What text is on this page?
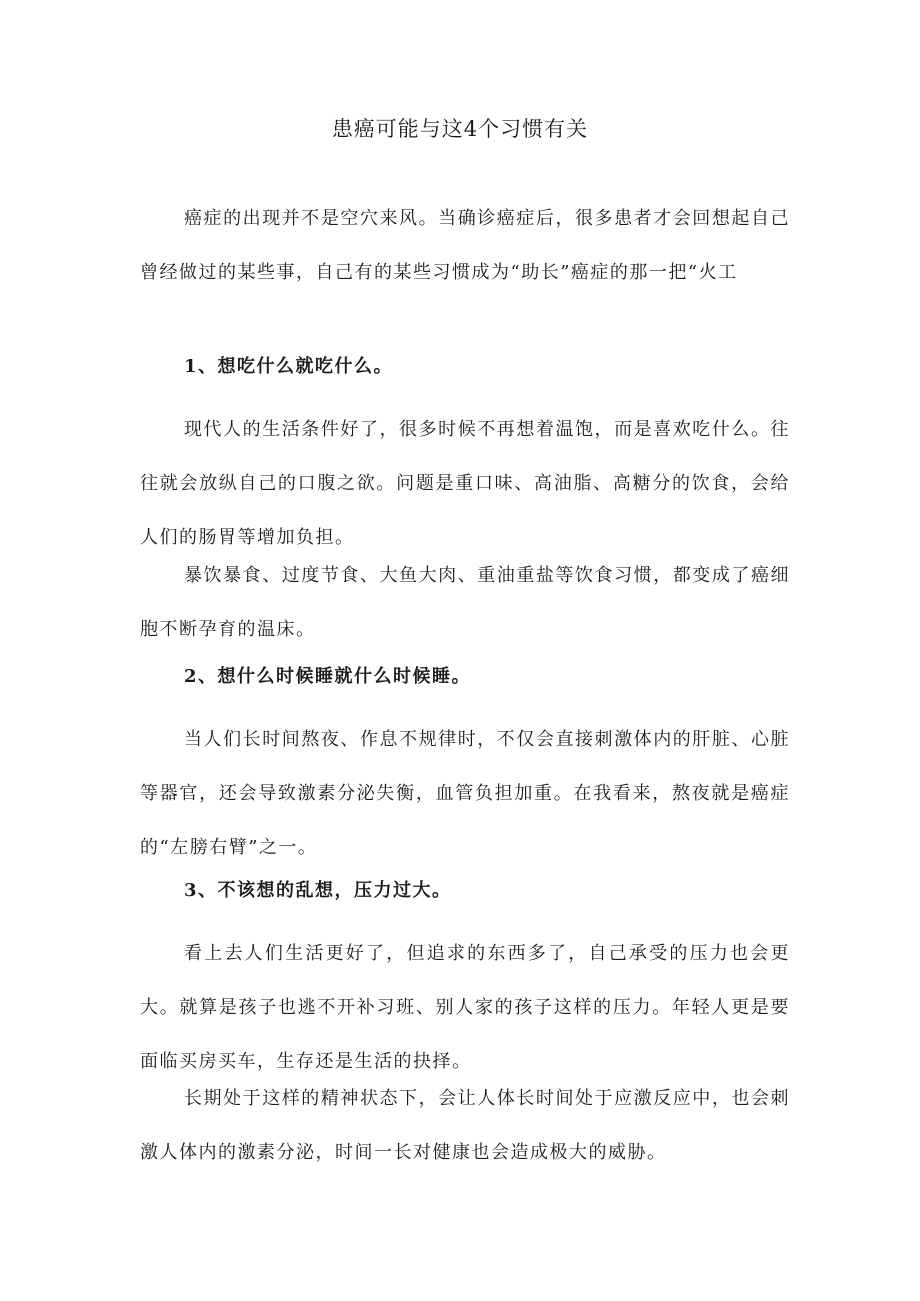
患癌可能与这4个习惯有关

癌症的出现并不是空穴来风。当确诊癌症后，很多患者才会回想起自己曾经做过的某些事，自己有的某些习惯成为“助长”癌症的那一把“火工

1、想吃什么就吃什么。

现代人的生活条件好了，很多时候不再想着温饱，而是喜欢吃什么。往往就会放纵自己的口腹之欲。问题是重口味、高油脂、高糖分的饮食，会给人们的肠胃等增加负担。

暴饮暴食、过度节食、大鱼大肉、重油重盐等饮食习惯，都变成了癌细胞不断孕育的温床。

2、想什么时候睡就什么时候睡。

当人们长时间熬夜、作息不规律时，不仅会直接刺激体内的肝脏、心脏等器官，还会导致激素分泌失衡，血管负担加重。在我看来，熬夜就是癌症的“左膀右臂”之一。

3、不该想的乱想，压力过大。

看上去人们生活更好了，但追求的东西多了，自己承受的压力也会更大。就算是孩子也逃不开补习班、别人家的孩子这样的压力。年轻人更是要面临买房买车，生存还是生活的抉择。

长期处于这样的精神状态下，会让人体长时间处于应激反应中，也会刺激人体内的激素分泌，时间一长对健康也会造成极大的威胁。
